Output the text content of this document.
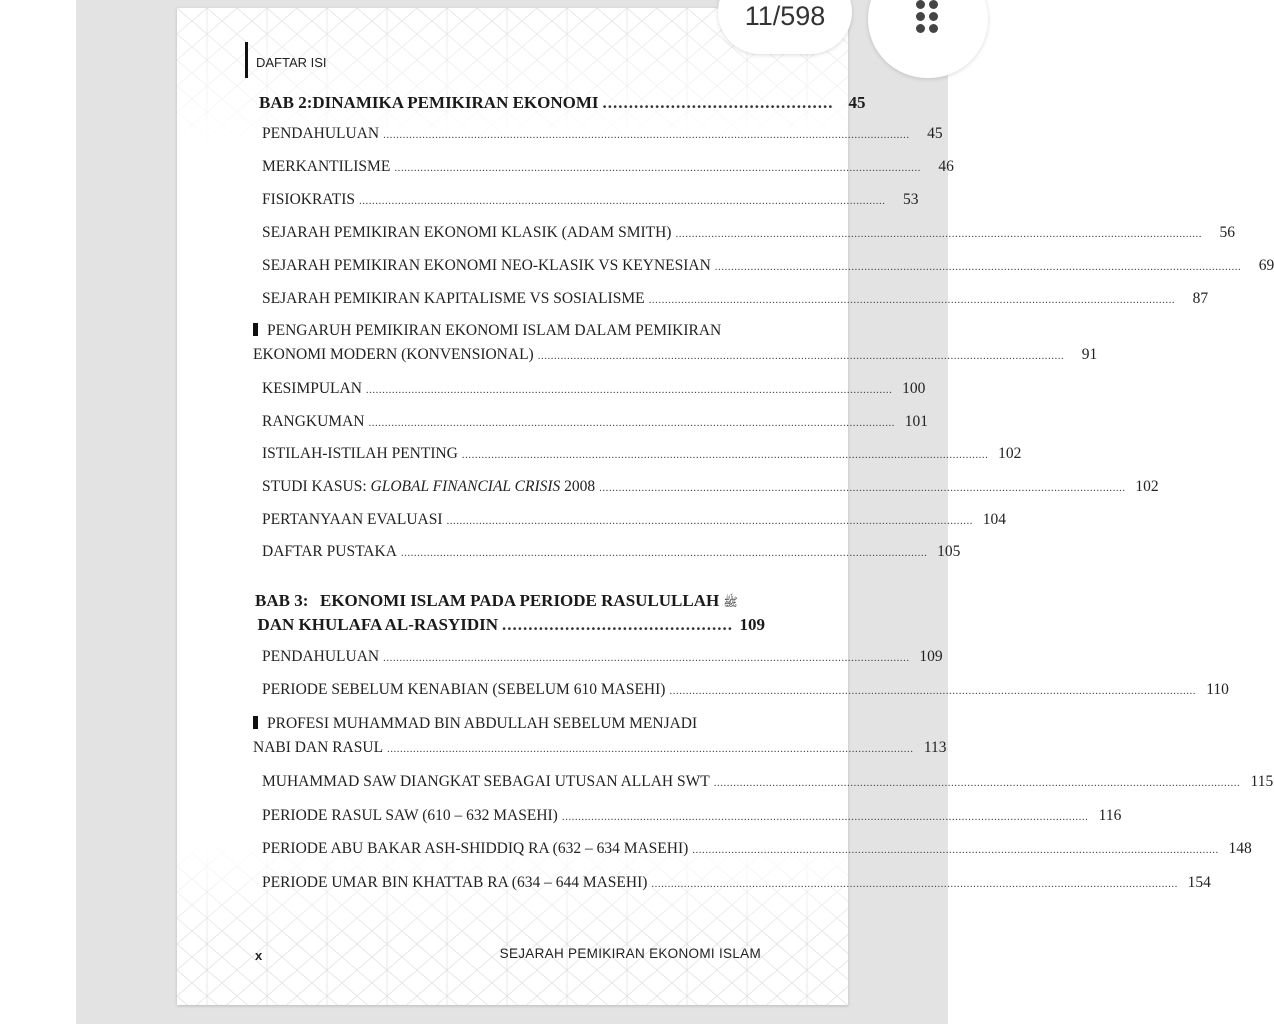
DAFTAR ISI
BAB 2: DINAMIKA PEMIKIRAN EKONOMI ............................................ 45
PENDAHULUAN ..................................................................................................................................................................	45
MERKANTILISME ..................................................................................................................................................................	46
FISIOKRATIS ..................................................................................................................................................................	53
SEJARAH PEMIKIRAN EKONOMI KLASIK (ADAM SMITH) ..................................................................................................................................................................	56
SEJARAH PEMIKIRAN EKONOMI NEO-KLASIK VS KEYNESIAN ..................................................................................................................................................................	69
SEJARAH PEMIKIRAN KAPITALISME VS SOSIALISME ..................................................................................................................................................................	87
PENGARUH PEMIKIRAN EKONOMI ISLAM DALAM PEMIKIRAN
EKONOMI MODERN (KONVENSIONAL) ..................................................................................................................................................................	91
KESIMPULAN .................................................................................................................................................................. 100
RANGKUMAN .................................................................................................................................................................. 101
ISTILAH-ISTILAH PENTING .................................................................................................................................................................. 102
STUDI KASUS:
GLOBAL FINANCIAL CRISIS
2008 .................................................................................................................................................................. 102
PERTANYAAN EVALUASI .................................................................................................................................................................. 104
DAFTAR PUSTAKA .................................................................................................................................................................. 105
BAB 3: EKONOMI ISLAM PADA PERIODE RASULULLAH ﷺ
DAN KHULAFA AL-RASYIDIN ............................................ 109
PENDAHULUAN .................................................................................................................................................................. 109
PERIODE SEBELUM KENABIAN (SEBELUM 610 MASEHI) .................................................................................................................................................................. 110
PROFESI MUHAMMAD BIN ABDULLAH SEBELUM MENJADI
NABI DAN RASUL .................................................................................................................................................................. 113
MUHAMMAD SAW DIANGKAT SEBAGAI UTUSAN ALLAH SWT .................................................................................................................................................................. 115
PERIODE RASUL SAW (610 – 632 MASEHI) .................................................................................................................................................................. 116
PERIODE ABU BAKAR ASH-SHIDDIQ RA (632 – 634 MASEHI) .................................................................................................................................................................. 148
PERIODE UMAR BIN KHATTAB RA (634 – 644 MASEHI) .................................................................................................................................................................. 154
x	SEJARAH PEMIKIRAN EKONOMI ISLAM
11/598
